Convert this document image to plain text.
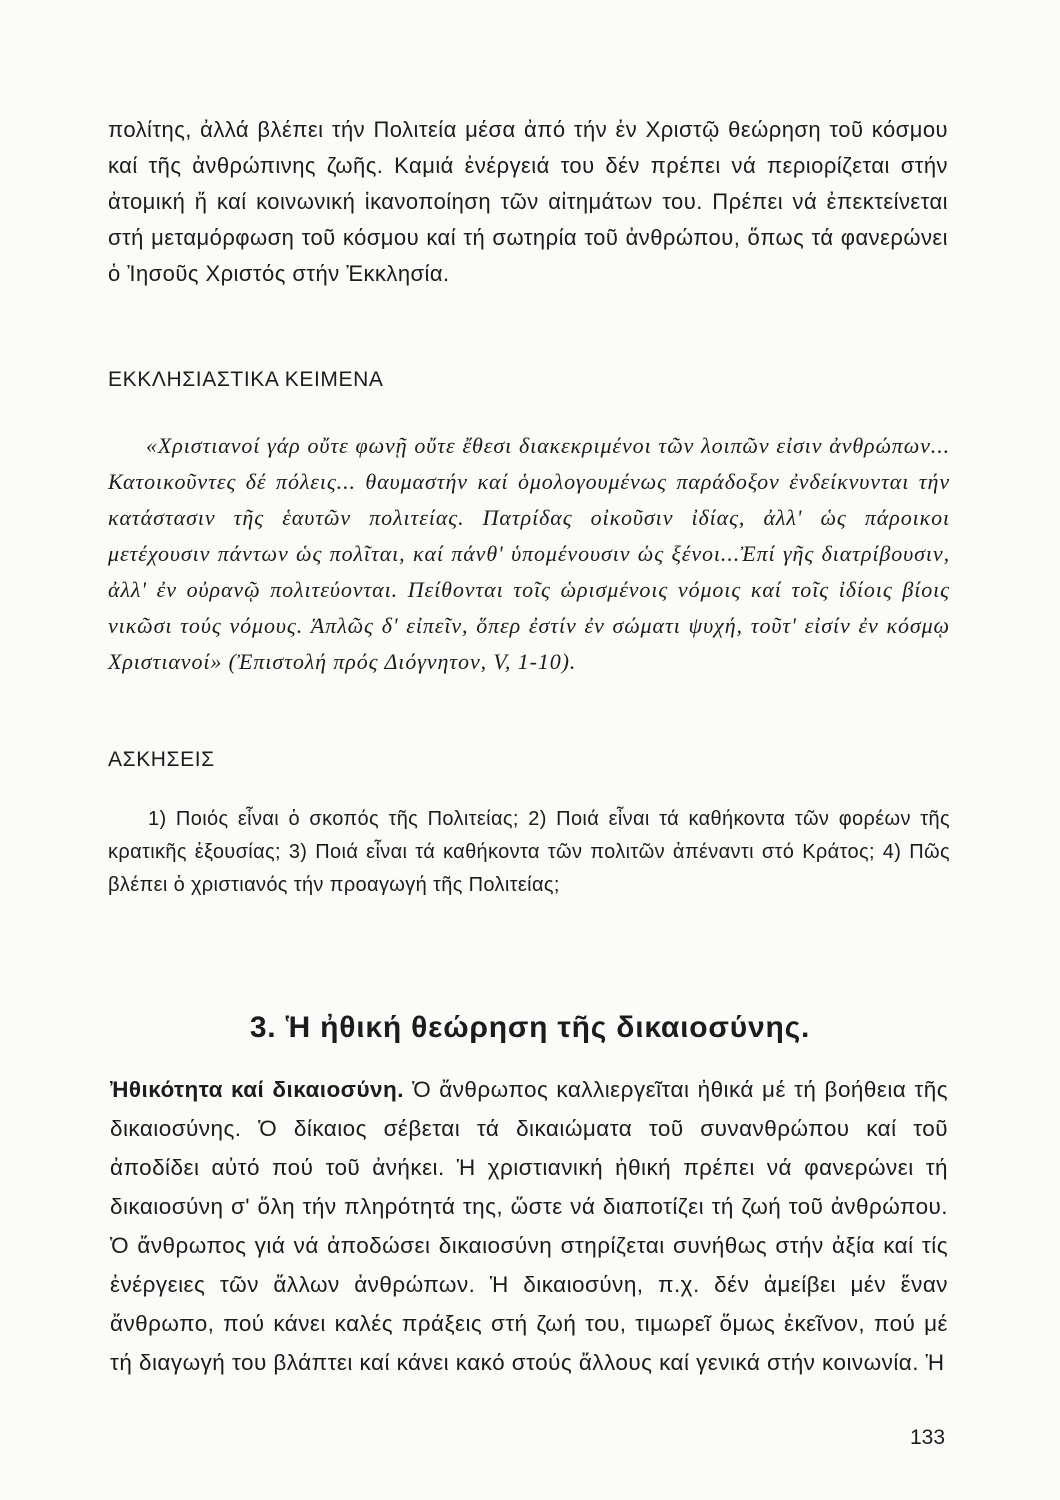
πολίτης, ἀλλά βλέπει τήν Πολιτεία μέσα ἀπό τήν ἐν Χριστῷ θεώρηση τοῦ κόσμου καί τῆς ἀνθρώπινης ζωῆς. Καμιά ἐνέργειά του δέν πρέπει νά περιορίζεται στήν ἀτομική ἤ καί κοινωνική ἱκανοποίηση τῶν αἰτημάτων του. Πρέπει νά ἐπεκτείνεται στή μεταμόρφωση τοῦ κόσμου καί τή σωτηρία τοῦ ἀνθρώπου, ὅπως τά φανερώνει ὁ Ἰησοῦς Χριστός στήν Ἐκκλησία.

ΕΚΚΛΗΣΙΑΣΤΙΚΑ ΚΕΙΜΕΝΑ

«Χριστιανοί γάρ οὔτε φωνῇ οὔτε ἔθεσι διακεκριμένοι τῶν λοιπῶν εἰσιν ἀνθρώπων... Κατοικοῦντες δέ πόλεις... θαυμαστήν καί ὁμολογουμένως παράδοξον ἐνδείκνυνται τήν κατάστασιν τῆς ἑαυτῶν πολιτείας. Πατρίδας οἰκοῦσιν ἰδίας, ἀλλ' ὡς πάροικοι μετέχουσιν πάντων ὡς πολῖται, καί πάνθ' ὑπομένουσιν ὡς ξένοι...Ἐπί γῆς διατρίβουσιν, ἀλλ' ἐν οὐρανῷ πολιτεύονται. Πείθονται τοῖς ὡρισμένοις νόμοις καί τοῖς ἰδίοις βίοις νικῶσι τούς νόμους. Ἁπλῶς δ' εἰπεῖν, ὅπερ ἐστίν ἐν σώματι ψυχή, τοῦτ' εἰσίν ἐν κόσμῳ Χριστιανοί» (Ἐπιστολή πρός Διόγνητον, V, 1-10).

ΑΣΚΗΣΕΙΣ

1) Ποιός εἶναι ὁ σκοπός τῆς Πολιτείας; 2) Ποιά εἶναι τά καθήκοντα τῶν φορέων τῆς κρατικῆς ἐξουσίας; 3) Ποιά εἶναι τά καθήκοντα τῶν πολιτῶν ἀπέναντι στό Κράτος; 4) Πῶς βλέπει ὁ χριστιανός τήν προαγωγή τῆς Πολιτείας;

3. Ἡ ἠθική θεώρηση τῆς δικαιοσύνης.

Ἠθικότητα καί δικαιοσύνη. Ὁ ἄνθρωπος καλλιεργεῖται ἠθικά μέ τή βοήθεια τῆς δικαιοσύνης. Ὁ δίκαιος σέβεται τά δικαιώματα τοῦ συνανθρώπου καί τοῦ ἀποδίδει αὐτό πού τοῦ ἀνήκει. Ἡ χριστιανική ἠθική πρέπει νά φανερώνει τή δικαιοσύνη σ' ὅλη τήν πληρότητά της, ὥστε νά διαποτίζει τή ζωή τοῦ ἀνθρώπου. Ὁ ἄνθρωπος γιά νά ἀποδώσει δικαιοσύνη στηρίζεται συνήθως στήν ἀξία καί τίς ἐνέργειες τῶν ἄλλων ἀνθρώπων. Ἡ δικαιοσύνη, π.χ. δέν ἀμείβει μέν ἕναν ἄνθρωπο, πού κάνει καλές πράξεις στή ζωή του, τιμωρεῖ ὅμως ἐκεῖνον, πού μέ τή διαγωγή του βλάπτει καί κάνει κακό στούς ἄλλους καί γενικά στήν κοινωνία. Ἡ

133
